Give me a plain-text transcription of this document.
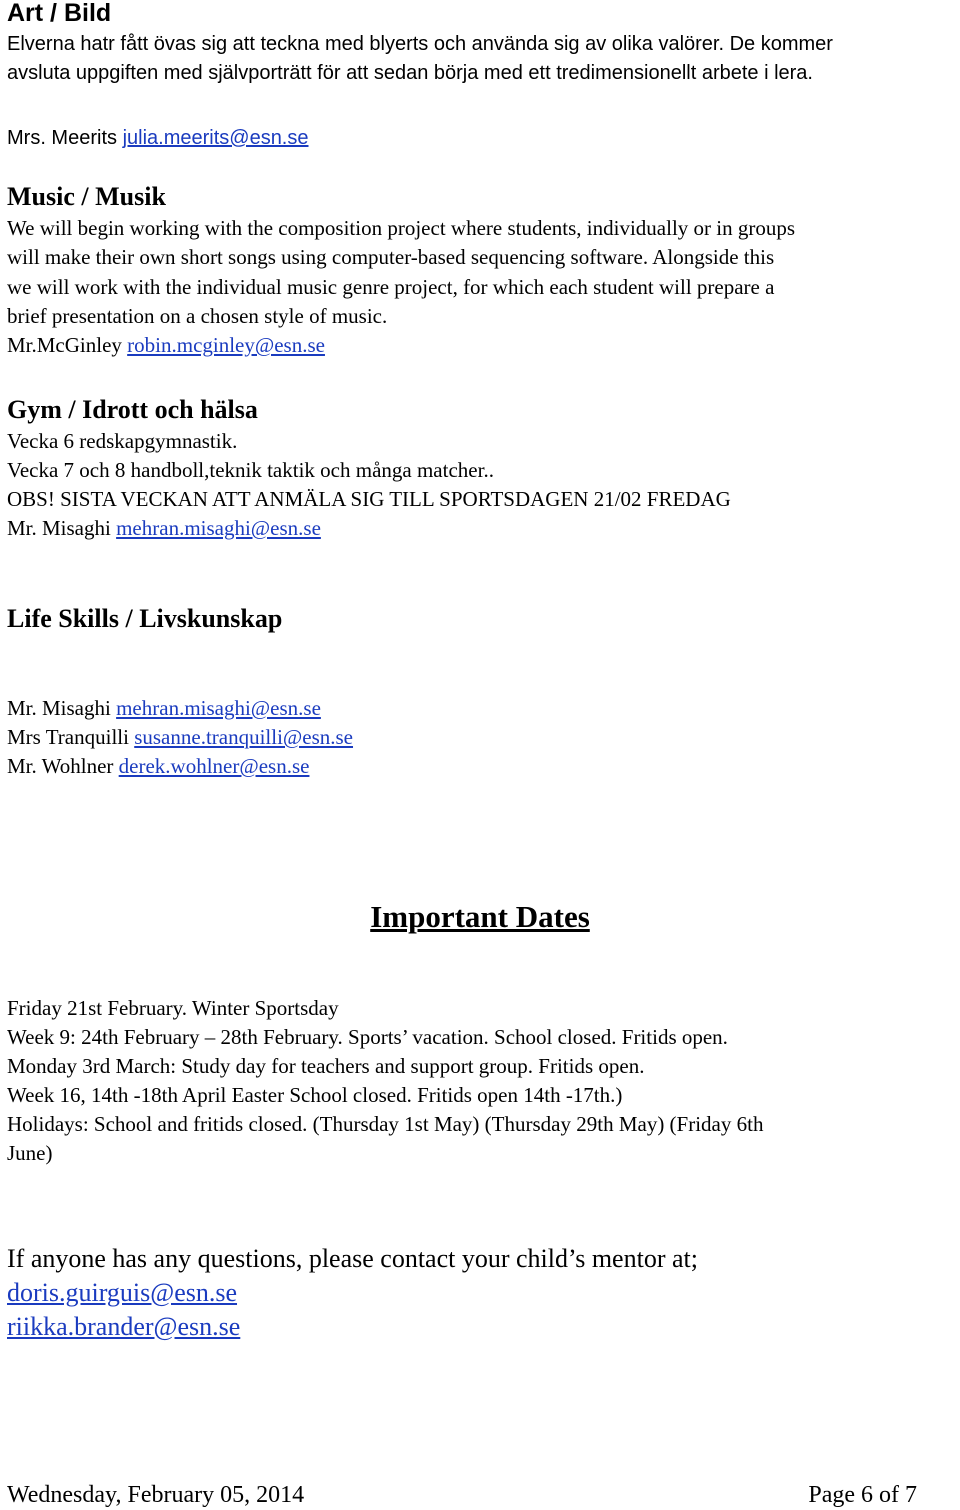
Art / Bild
Elverna hatr fått övas sig att teckna med blyerts och använda sig av olika valörer. De kommer
avsluta uppgiften med självporträtt för att sedan börja med ett tredimensionellt arbete i lera.
Mrs. Meerits julia.meerits@esn.se
Music / Musik
We will begin working with the composition project where students, individually or in groups
will make their own short songs using computer-based sequencing software. Alongside this
we will work with the individual music genre project, for which each student will prepare a
brief presentation on a chosen style of music.
Mr.McGinley robin.mcginley@esn.se
Gym / Idrott och hälsa
Vecka 6 redskapgymnastik.
Vecka 7 och 8 handboll,teknik taktik och många matcher..
OBS! SISTA VECKAN ATT ANMÄLA SIG TILL SPORTSDAGEN 21/02 FREDAG
Mr. Misaghi mehran.misaghi@esn.se
Life Skills / Livskunskap
Mr. Misaghi mehran.misaghi@esn.se
Mrs Tranquilli susanne.tranquilli@esn.se
Mr. Wohlner derek.wohlner@esn.se
Important Dates
Friday 21st February. Winter Sportsday
Week 9: 24th February – 28th February. Sports’ vacation. School closed. Fritids open.
Monday 3rd March: Study day for teachers and support group. Fritids open.
Week 16, 14th -18th April Easter School closed. Fritids open 14th -17th.)
Holidays: School and fritids closed. (Thursday 1st May) (Thursday 29th May) (Friday 6th
June)
If anyone has any questions, please contact your child’s mentor at;
doris.guirguis@esn.se
riikka.brander@esn.se
Wednesday, February 05, 2014	Page 6 of 7
